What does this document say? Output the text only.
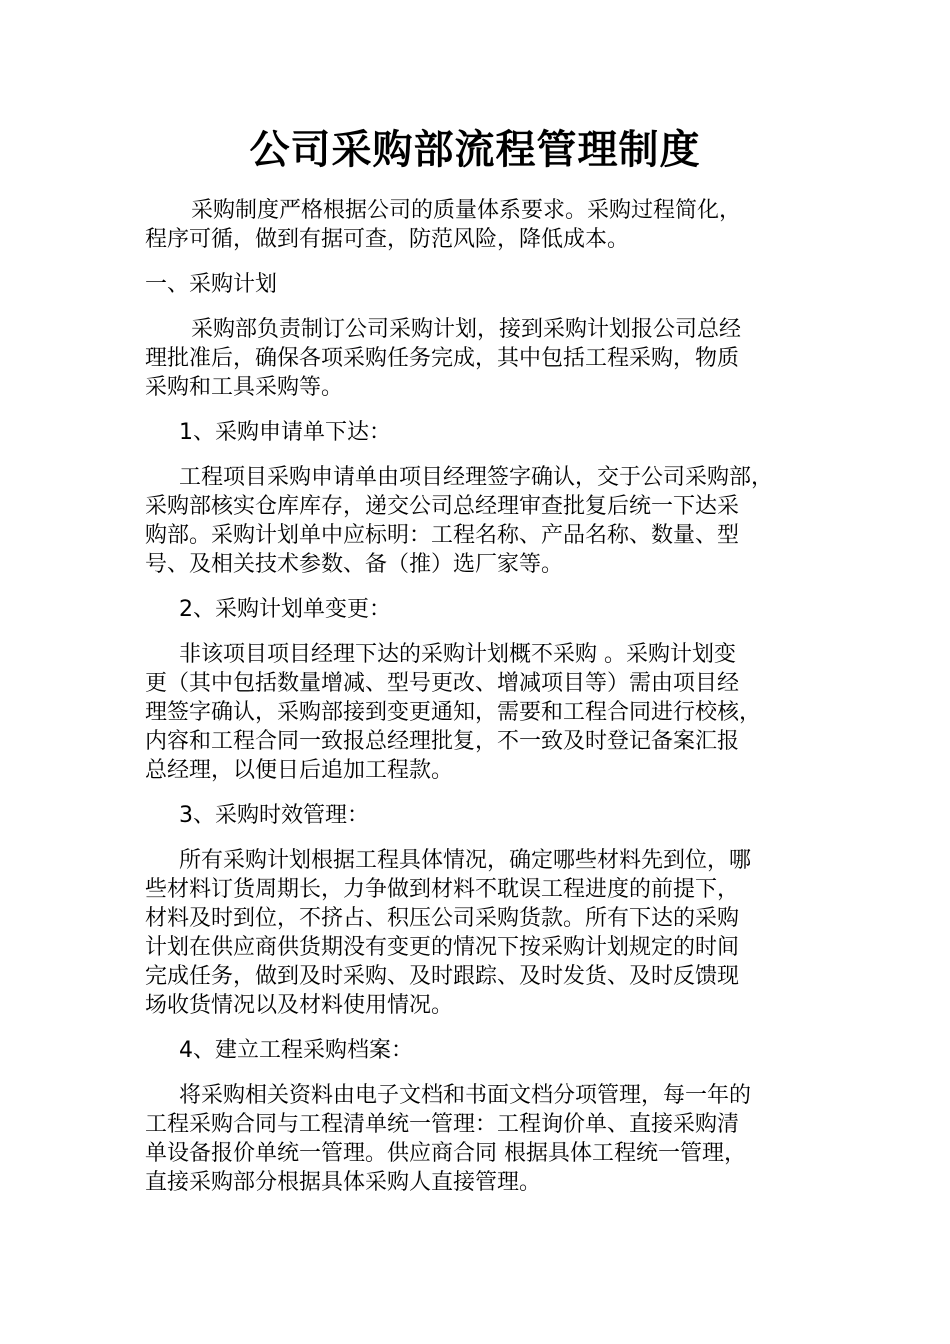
公司采购部流程管理制度
采购制度严格根据公司的质量体系要求。采购过程简化，
程序可循，做到有据可查，防范风险，降低成本。
一、采购计划
采购部负责制订公司采购计划，接到采购计划报公司总经
理批准后，确保各项采购任务完成，其中包括工程采购，物质
采购和工具采购等。
1、采购申请单下达：
工程项目采购申请单由项目经理签字确认，交于公司采购部，
采购部核实仓库库存，递交公司总经理审查批复后统一下达采
购部。采购计划单中应标明：工程名称、产品名称、数量、型
号、及相关技术参数、备（推）选厂家等。
2、采购计划单变更：
非该项目项目经理下达的采购计划概不采购 。采购计划变
更（其中包括数量增减、型号更改、增减项目等）需由项目经
理签字确认，采购部接到变更通知，需要和工程合同进行校核，
内容和工程合同一致报总经理批复，不一致及时登记备案汇报
总经理，以便日后追加工程款。
3、采购时效管理：
所有采购计划根据工程具体情况，确定哪些材料先到位，哪
些材料订货周期长，力争做到材料不耽误工程进度的前提下，
材料及时到位，不挤占、积压公司采购货款。所有下达的采购
计划在供应商供货期没有变更的情况下按采购计划规定的时间
完成任务，做到及时采购、及时跟踪、及时发货、及时反馈现
场收货情况以及材料使用情况。
4、建立工程采购档案：
将采购相关资料由电子文档和书面文档分项管理，每一年的
工程采购合同与工程清单统一管理：工程询价单、直接采购清
单设备报价单统一管理。供应商合同 根据具体工程统一管理，
直接采购部分根据具体采购人直接管理。
